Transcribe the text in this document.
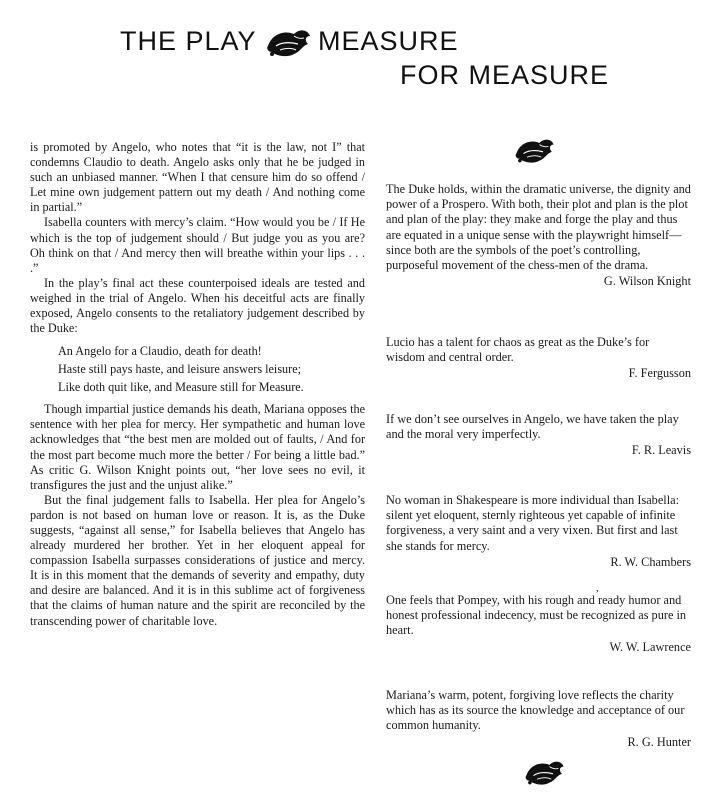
THE PLAY MEASURE
FOR MEASURE

is promoted by Angelo, who notes that “it is the law, not I” that condemns Claudio to death. Angelo asks only that he be judged in such an unbiased manner. “When I that censure him do so offend / Let mine own judgement pattern out my death / And nothing come in partial.”

Isabella counters with mercy’s claim. “How would you be / If He which is the top of judgement should / But judge you as you are? Oh think on that / And mercy then will breathe within your lips . . . .”

In the play’s final act these counterpoised ideals are tested and weighed in the trial of Angelo. When his deceitful acts are finally exposed, Angelo consents to the retaliatory judgement described by the Duke:

An Angelo for a Claudio, death for death!
Haste still pays haste, and leisure answers leisure;
Like doth quit like, and Measure still for Measure.

Though impartial justice demands his death, Mariana opposes the sentence with her plea for mercy. Her sympathetic and human love acknowledges that “the best men are molded out of faults, / And for the most part become much more the better / For being a little bad.” As critic G. Wilson Knight points out, “her love sees no evil, it transfigures the just and the unjust alike.”

But the final judgement falls to Isabella. Her plea for Angelo’s pardon is not based on human love or reason. It is, as the Duke suggests, “against all sense,” for Isabella believes that Angelo has already murdered her brother. Yet in her eloquent appeal for compassion Isabella surpasses considerations of justice and mercy. It is in this moment that the demands of severity and empathy, duty and desire are balanced. And it is in this sublime act of forgiveness that the claims of human nature and the spirit are reconciled by the transcending power of charitable love.

The Duke holds, within the dramatic universe, the dignity and power of a Prospero. With both, their plot and plan is the plot and plan of the play: they make and forge the play and thus are equated in a unique sense with the playwright himself—since both are the symbols of the poet’s controlling, purposeful movement of the chess-men of the drama.

G. Wilson Knight

Lucio has a talent for chaos as great as the Duke’s for wisdom and central order.

F. Fergusson

If we don’t see ourselves in Angelo, we have taken the play and the moral very imperfectly.

F. R. Leavis

No woman in Shakespeare is more individual than Isabella: silent yet eloquent, sternly righteous yet capable of infinite forgiveness, a very saint and a very vixen. But first and last she stands for mercy.

R. W. Chambers
,

One feels that Pompey, with his rough and ready humor and honest professional indecency, must be recognized as pure in heart.

W. W. Lawrence

Mariana’s warm, potent, forgiving love reflects the charity which has as its source the knowledge and acceptance of our common humanity.

R. G. Hunter
